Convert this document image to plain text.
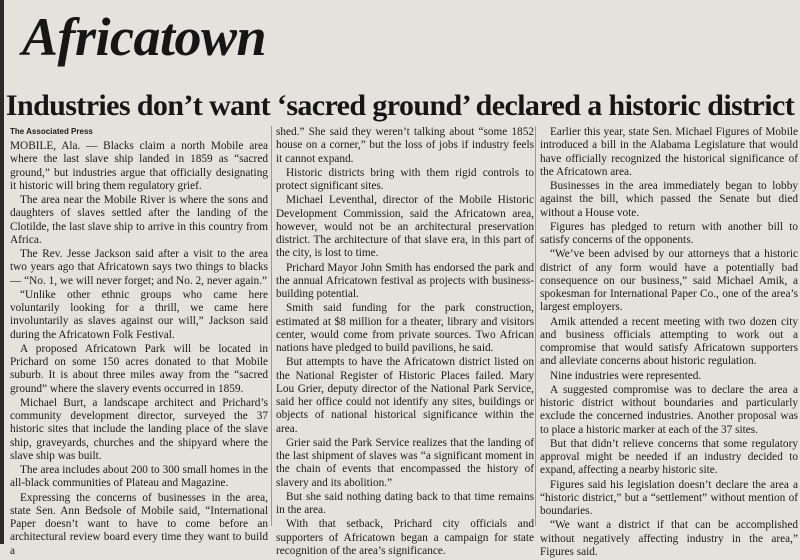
Africatown
Industries don’t want ‘sacred ground’ declared a historic district
The Associated Press

MOBILE, Ala. — Blacks claim a north Mobile area where the last slave ship landed in 1859 as “sacred ground,” but industries argue that officially designating it historic will bring them regulatory grief.

The area near the Mobile River is where the sons and daughters of slaves settled after the landing of the Clotilde, the last slave ship to arrive in this country from Africa.

The Rev. Jesse Jackson said after a visit to the area two years ago that Africatown says two things to blacks — “No. 1, we will never forget; and No. 2, never again.”

“Unlike other ethnic groups who came here voluntarily looking for a thrill, we came here involuntarily as slaves against our will,” Jackson said during the Africatown Folk Festival.

A proposed Africatown Park will be located in Prichard on some 150 acres donated to that Mobile suburb. It is about three miles away from the “sacred ground” where the slavery events occurred in 1859.

Michael Burt, a landscape architect and Prichard’s community development director, surveyed the 37 historic sites that include the landing place of the slave ship, graveyards, churches and the shipyard where the slave ship was built.

The area includes about 200 to 300 small homes in the all-black communities of Plateau and Magazine.

Expressing the concerns of businesses in the area, state Sen. Ann Bedsole of Mobile said, “International Paper doesn’t want to have to come before an architectural review board every time they want to build a

shed.” She said they weren’t talking about “some 1852 house on a corner,” but the loss of jobs if industry feels it cannot expand.

Historic districts bring with them rigid controls to protect significant sites.

Michael Leventhal, director of the Mobile Historic Development Commission, said the Africatown area, however, would not be an architectural preservation district. The architecture of that slave era, in this part of the city, is lost to time.

Prichard Mayor John Smith has endorsed the park and the annual Africatown festival as projects with business-building potential.

Smith said funding for the park construction, estimated at $8 million for a theater, library and visitors center, would come from private sources. Two African nations have pledged to build pavilions, he said.

But attempts to have the Africatown district listed on the National Register of Historic Places failed. Mary Lou Grier, deputy director of the National Park Service, said her office could not identify any sites, buildings or objects of national historical significance within the area.

Grier said the Park Service realizes that the landing of the last shipment of slaves was “a significant moment in the chain of events that encompassed the history of slavery and its abolition.”

But she said nothing dating back to that time remains in the area.

With that setback, Prichard city officials and supporters of Africatown began a campaign for state recognition of the area’s significance.

Earlier this year, state Sen. Michael Figures of Mobile introduced a bill in the Alabama Legislature that would have officially recognized the historical significance of the Africatown area.

Businesses in the area immediately began to lobby against the bill, which passed the Senate but died without a House vote.

Figures has pledged to return with another bill to satisfy concerns of the opponents.

“We’ve been advised by our attorneys that a historic district of any form would have a potentially bad consequence on our business,” said Michael Amik, a spokesman for International Paper Co., one of the area’s largest employers.

Amik attended a recent meeting with two dozen city and business officials attempting to work out a compromise that would satisfy Africatown supporters and alleviate concerns about historic regulation.

Nine industries were represented.

A suggested compromise was to declare the area a historic district without boundaries and particularly exclude the concerned industries. Another proposal was to place a historic marker at each of the 37 sites.

But that didn’t relieve concerns that some regulatory approval might be needed if an industry decided to expand, affecting a nearby historic site.

Figures said his legislation doesn’t declare the area a “historic district,” but a “settlement” without mention of boundaries.

“We want a district if that can be accomplished without negatively affecting industry in the area,” Figures said.
